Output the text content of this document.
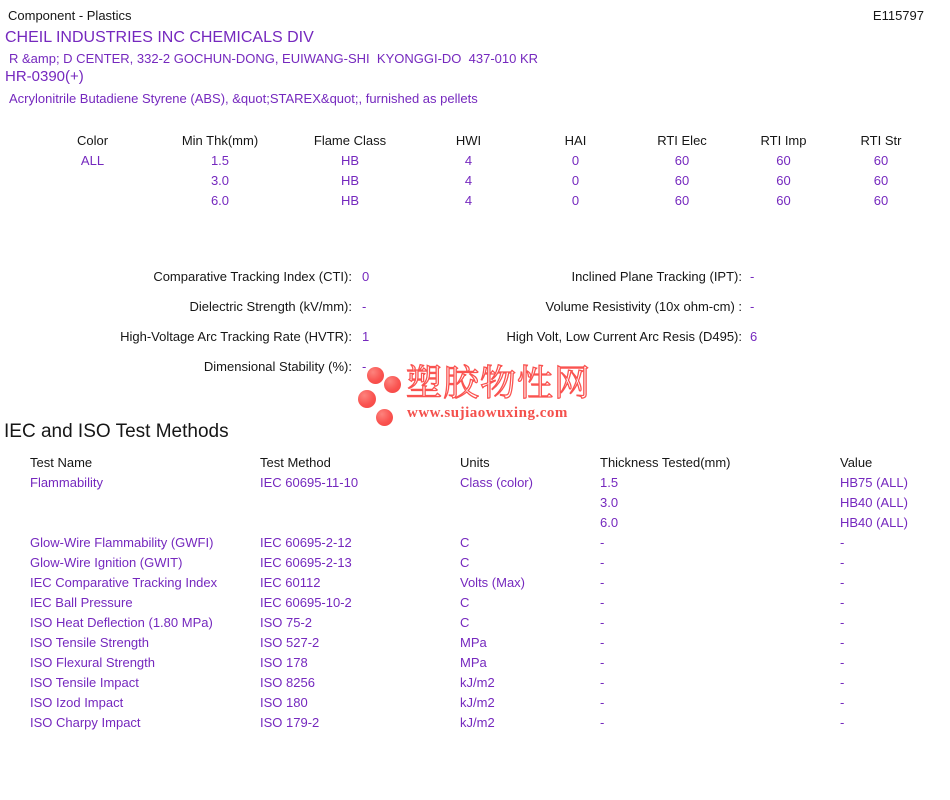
Component - Plastics	E115797
CHEIL INDUSTRIES INC CHEMICALS DIV
R &amp; D CENTER, 332-2 GOCHUN-DONG, EUIWANG-SHI  KYONGGI-DO  437-010 KR
HR-0390(+)
Acrylonitrile Butadiene Styrene (ABS), &quot;STAREX&quot;, furnished as pellets
Color	Min Thk(mm)	Flame Class	HWI	HAI	RTI Elec	RTI Imp	RTI Str
ALL	1.5	HB	4	0	60	60	60
	3.0	HB	4	0	60	60	60
	6.0	HB	4	0	60	60	60
Comparative Tracking Index (CTI): 0	Inclined Plane Tracking (IPT): -
Dielectric Strength (kV/mm): -	Volume Resistivity (10x ohm-cm) : -
High-Voltage Arc Tracking Rate (HVTR): 1	High Volt, Low Current Arc Resis (D495): 6
Dimensional Stability (%): -	塑胶物性网
www.sujiaowuxing.com
IEC and ISO Test Methods
Test Name	Test Method	Units	Thickness Tested(mm)	Value
Flammability	IEC 60695-11-10	Class (color)	1.5	HB75 (ALL)
			3.0	HB40 (ALL)
			6.0	HB40 (ALL)
Glow-Wire Flammability (GWFI)	IEC 60695-2-12	C	-	-
Glow-Wire Ignition (GWIT)	IEC 60695-2-13	C	-	-
IEC Comparative Tracking Index	IEC 60112	Volts (Max)	-	-
IEC Ball Pressure	IEC 60695-10-2	C	-	-
ISO Heat Deflection (1.80 MPa)	ISO 75-2	C	-	-
ISO Tensile Strength	ISO 527-2	MPa	-	-
ISO Flexural Strength	ISO 178	MPa	-	-
ISO Tensile Impact	ISO 8256	kJ/m2	-	-
ISO Izod Impact	ISO 180	kJ/m2	-	-
ISO Charpy Impact	ISO 179-2	kJ/m2	-	-
